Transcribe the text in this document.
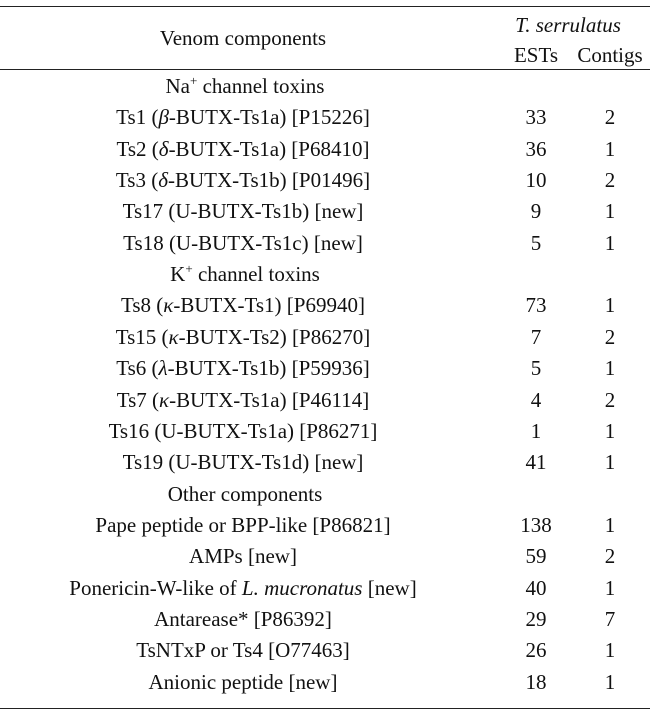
Venom components
T. serrulatus
ESTs Contigs
Na+ channel toxins
Ts1 (β-BUTX-Ts1a) [P15226]	33	2
Ts2 (δ-BUTX-Ts1a) [P68410]	36	1
Ts3 (δ-BUTX-Ts1b) [P01496]	10	2
Ts17 (U-BUTX-Ts1b) [new]	9	1
Ts18 (U-BUTX-Ts1c) [new]	5	1
K+ channel toxins
Ts8 (κ-BUTX-Ts1) [P69940]	73	1
Ts15 (κ-BUTX-Ts2) [P86270]	7	2
Ts6 (λ-BUTX-Ts1b) [P59936]	5	1
Ts7 (κ-BUTX-Ts1a) [P46114]	4	2
Ts16 (U-BUTX-Ts1a) [P86271]	1	1
Ts19 (U-BUTX-Ts1d) [new]	41	1
Other components
Pape peptide or BPP-like [P86821]	138	1
AMPs [new]	59	2
Ponericin-W-like of L. mucronatus [new]	40	1
Antarease* [P86392]	29	7
TsNTxP or Ts4 [O77463]	26	1
Anionic peptide [new]	18	1
